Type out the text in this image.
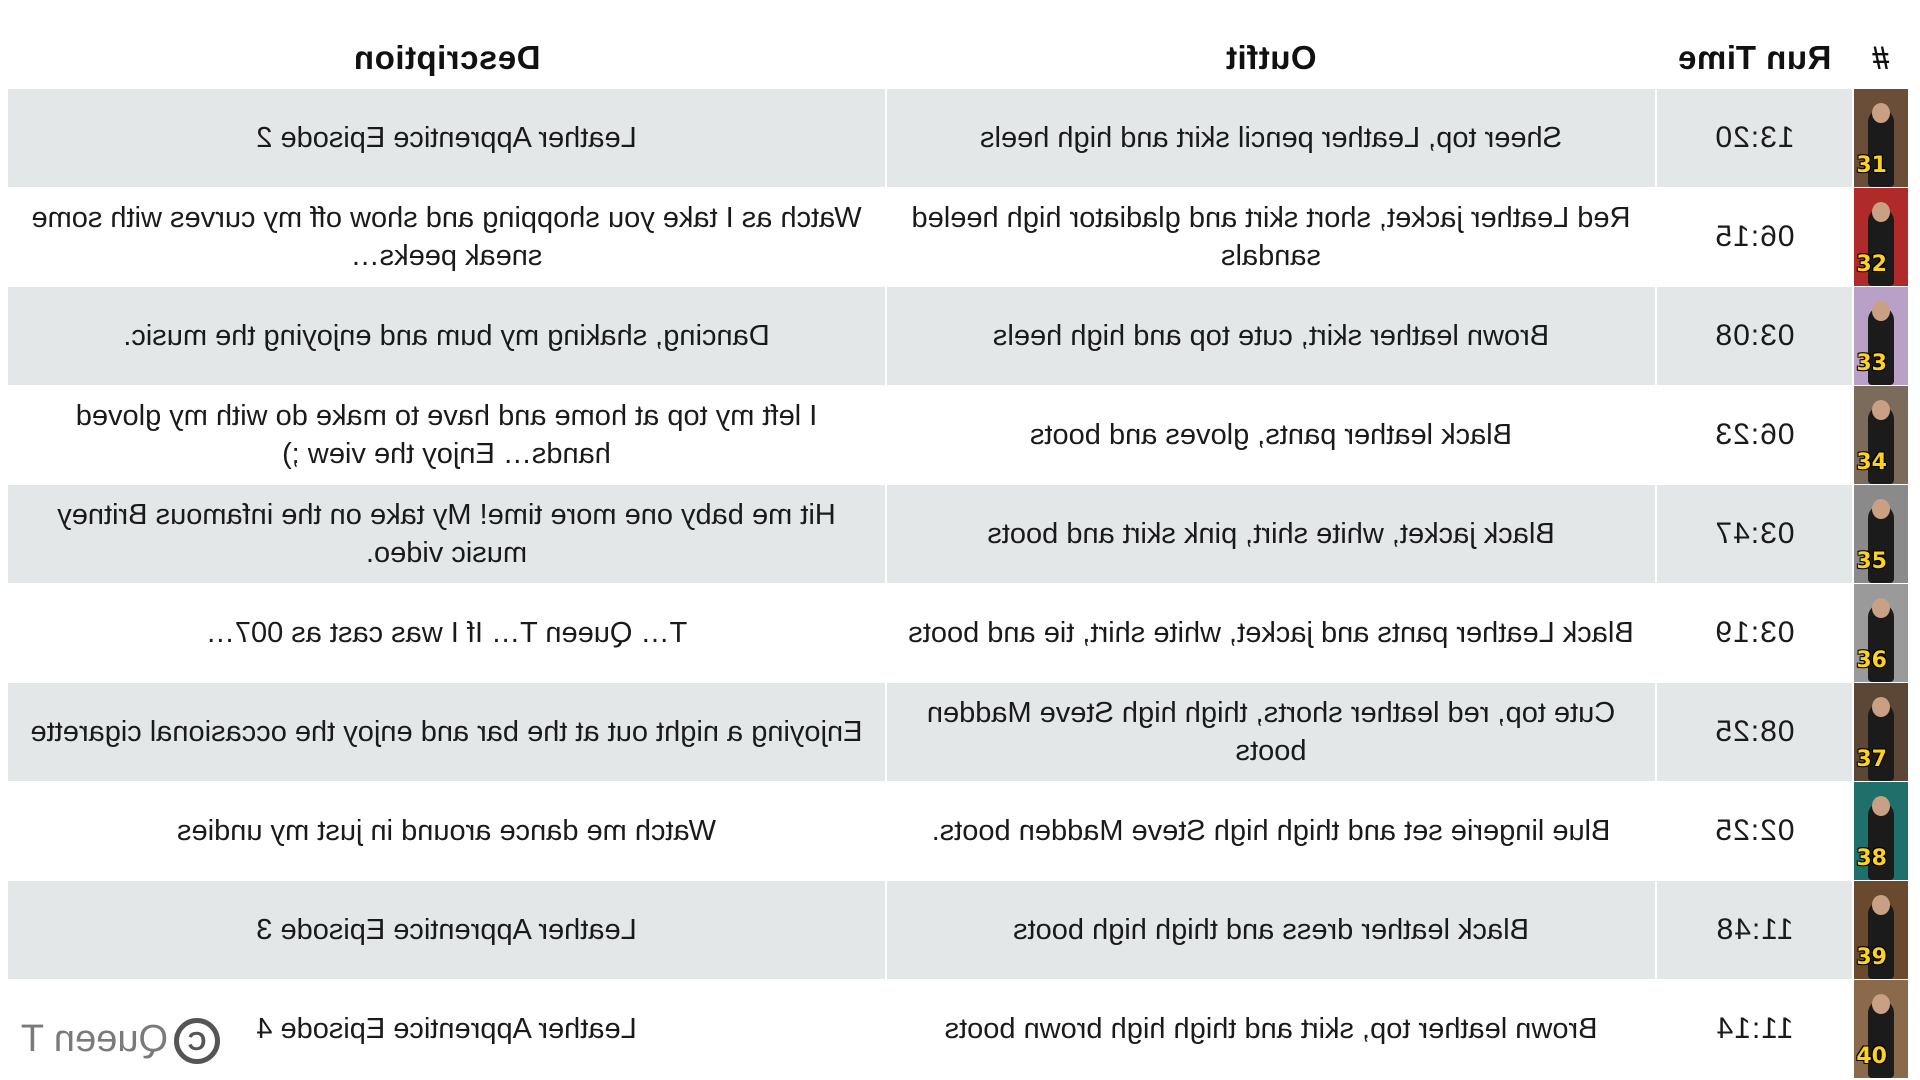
#	Run Time	Outfit	Description

31	13:20	Sheer top, Leather pencil skirt and high heels	Leather Apprentice Episode 2

32	06:15	Red Leather jacket, short skirt and gladiator high heeled sandals	Watch as I take you shopping and show off my curves with some sneak peeks…

33	03:08	Brown leather skirt, cute top and high heels	Dancing, shaking my bum and enjoying the music.

34	06:23	Black leather pants, gloves and boots	I left my top at home and have to make do with my gloved hands… Enjoy the view ;)

35	03:47	Black jacket, white shirt, pink skirt and boots	Hit me baby one more time! My take on the infamous Britney music video.

36	03:19	Black Leather pants and jacket, white shirt, tie and boots	T… Queen T… If I was cast as 007…

37	08:25	Cute top, red leather shorts, thigh high Steve Madden boots	Enjoying a night out at the bar and enjoy the occasional cigarette

38	02:25	Blue lingerie set and thigh high Steve Madden boots.	Watch me dance around in just my undies

39	11:48	Black leather dress and thigh high boots	Leather Apprentice Episode 3

40	11:14	Brown leather top, skirt and thigh high brown boots	Leather Apprentice Episode 4
CQueen T
